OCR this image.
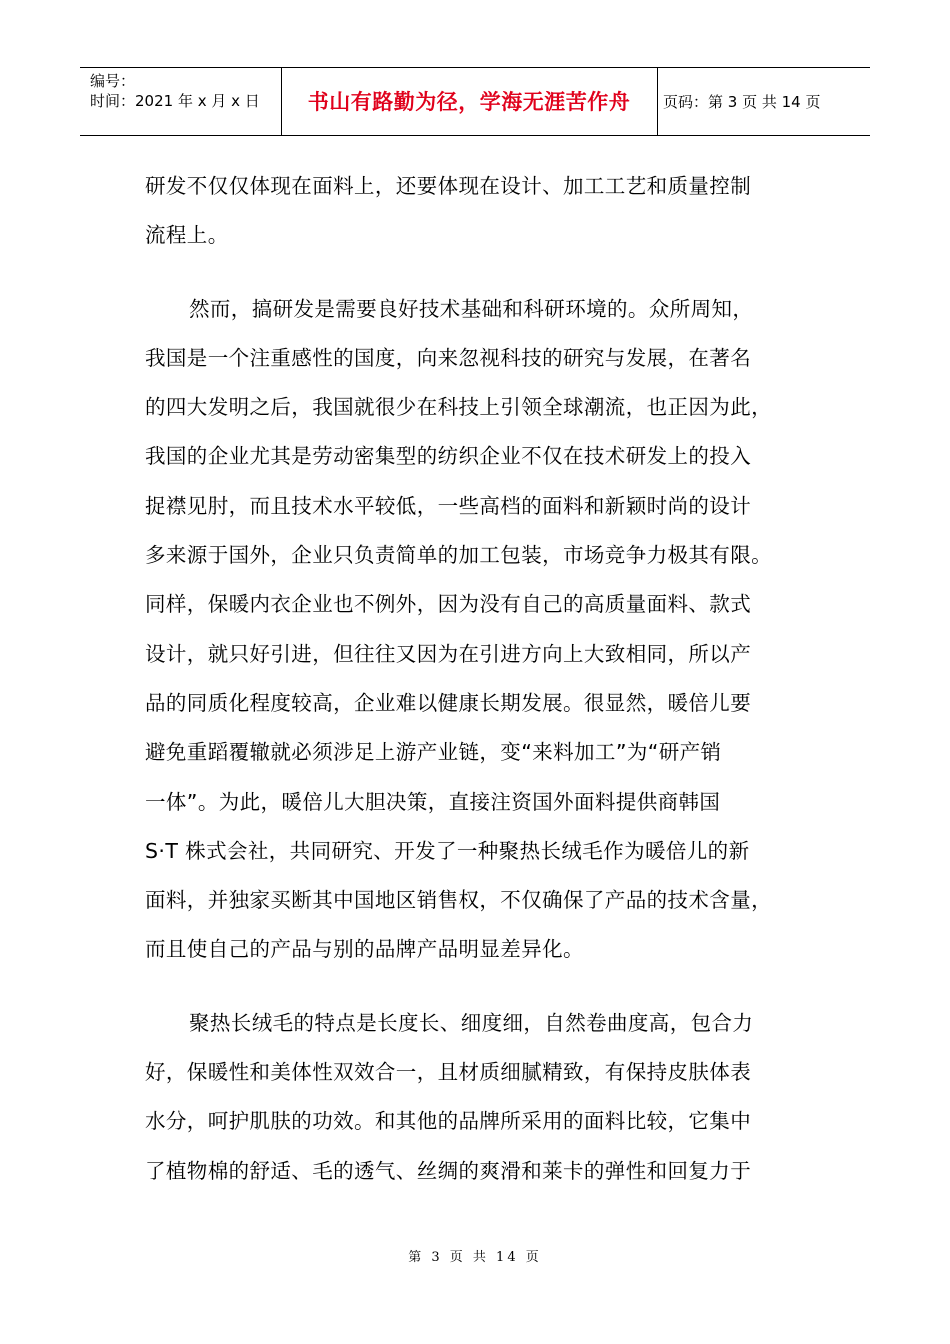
编号：
时间：2021 年 x 月 x 日	书山有路勤为径，学海无涯苦作舟 页码：第 3 页 共 14 页
研发不仅仅体现在面料上，还要体现在设计、加工工艺和质量控制
流程上。
然而，搞研发是需要良好技术基础和科研环境的。众所周知，
我国是一个注重感性的国度，向来忽视科技的研究与发展，在著名
的四大发明之后，我国就很少在科技上引领全球潮流，也正因为此，
我国的企业尤其是劳动密集型的纺织企业不仅在技术研发上的投入
捉襟见肘，而且技术水平较低，一些高档的面料和新颖时尚的设计
多来源于国外，企业只负责简单的加工包装，市场竞争力极其有限。
同样，保暖内衣企业也不例外，因为没有自己的高质量面料、款式
设计，就只好引进，但往往又因为在引进方向上大致相同，所以产
品的同质化程度较高，企业难以健康长期发展。很显然，暖倍儿要
避免重蹈覆辙就必须涉足上游产业链，变“来料加工”为“研产销
一体”。为此，暖倍儿大胆决策，直接注资国外面料提供商韩国
S·T 株式会社，共同研究、开发了一种聚热长绒毛作为暖倍儿的新
面料，并独家买断其中国地区销售权，不仅确保了产品的技术含量，
而且使自己的产品与别的品牌产品明显差异化。
聚热长绒毛的特点是长度长、细度细，自然卷曲度高，包合力
好，保暖性和美体性双效合一，且材质细腻精致，有保持皮肤体表
水分，呵护肌肤的功效。和其他的品牌所采用的面料比较，它集中
了植物棉的舒适、毛的透气、丝绸的爽滑和莱卡的弹性和回复力于
第 3 页 共 14 页
